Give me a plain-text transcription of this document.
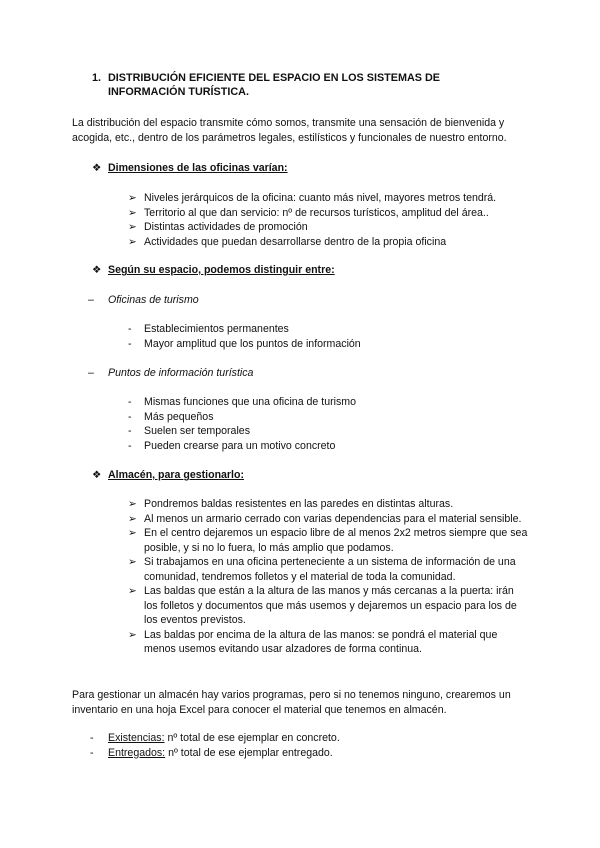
1. DISTRIBUCIÓN EFICIENTE DEL ESPACIO EN LOS SISTEMAS DE INFORMACIÓN TURÍSTICA.
La distribución del espacio transmite cómo somos, transmite una sensación de bienvenida y acogida, etc., dentro de los parámetros legales, estilísticos y funcionales de nuestro entorno.
❖ Dimensiones de las oficinas varían:
➢ Niveles jerárquicos de la oficina: cuanto más nivel, mayores metros tendrá.
➢ Territorio al que dan servicio: nº de recursos turísticos, amplitud del área..
➢ Distintas actividades de promoción
➢ Actividades que puedan desarrollarse dentro de la propia oficina
❖ Según su espacio, podemos distinguir entre:
– Oficinas de turismo
- Establecimientos permanentes
- Mayor amplitud que los puntos de información
– Puntos de información turística
- Mismas funciones que una oficina de turismo
- Más pequeños
- Suelen ser temporales
- Pueden crearse para un motivo concreto
❖ Almacén, para gestionarlo:
➢ Pondremos baldas resistentes en las paredes en distintas alturas.
➢ Al menos un armario cerrado con varias dependencias para el material sensible.
➢ En el centro dejaremos un espacio libre de al menos 2x2 metros siempre que sea posible, y si no lo fuera, lo más amplio que podamos.
➢ Si trabajamos en una oficina perteneciente a un sistema de información de una comunidad, tendremos folletos y el material de toda la comunidad.
➢ Las baldas que están a la altura de las manos y más cercanas a la puerta: irán los folletos y documentos que más usemos y dejaremos un espacio para los de los eventos previstos.
➢ Las baldas por encima de la altura de las manos: se pondrá el material que menos usemos evitando usar alzadores de forma continua.
Para gestionar un almacén hay varios programas, pero si no tenemos ninguno, crearemos un inventario en una hoja Excel para conocer el material que tenemos en almacén.
- Existencias: nº total de ese ejemplar en concreto.
- Entregados: nº total de ese ejemplar entregado.
